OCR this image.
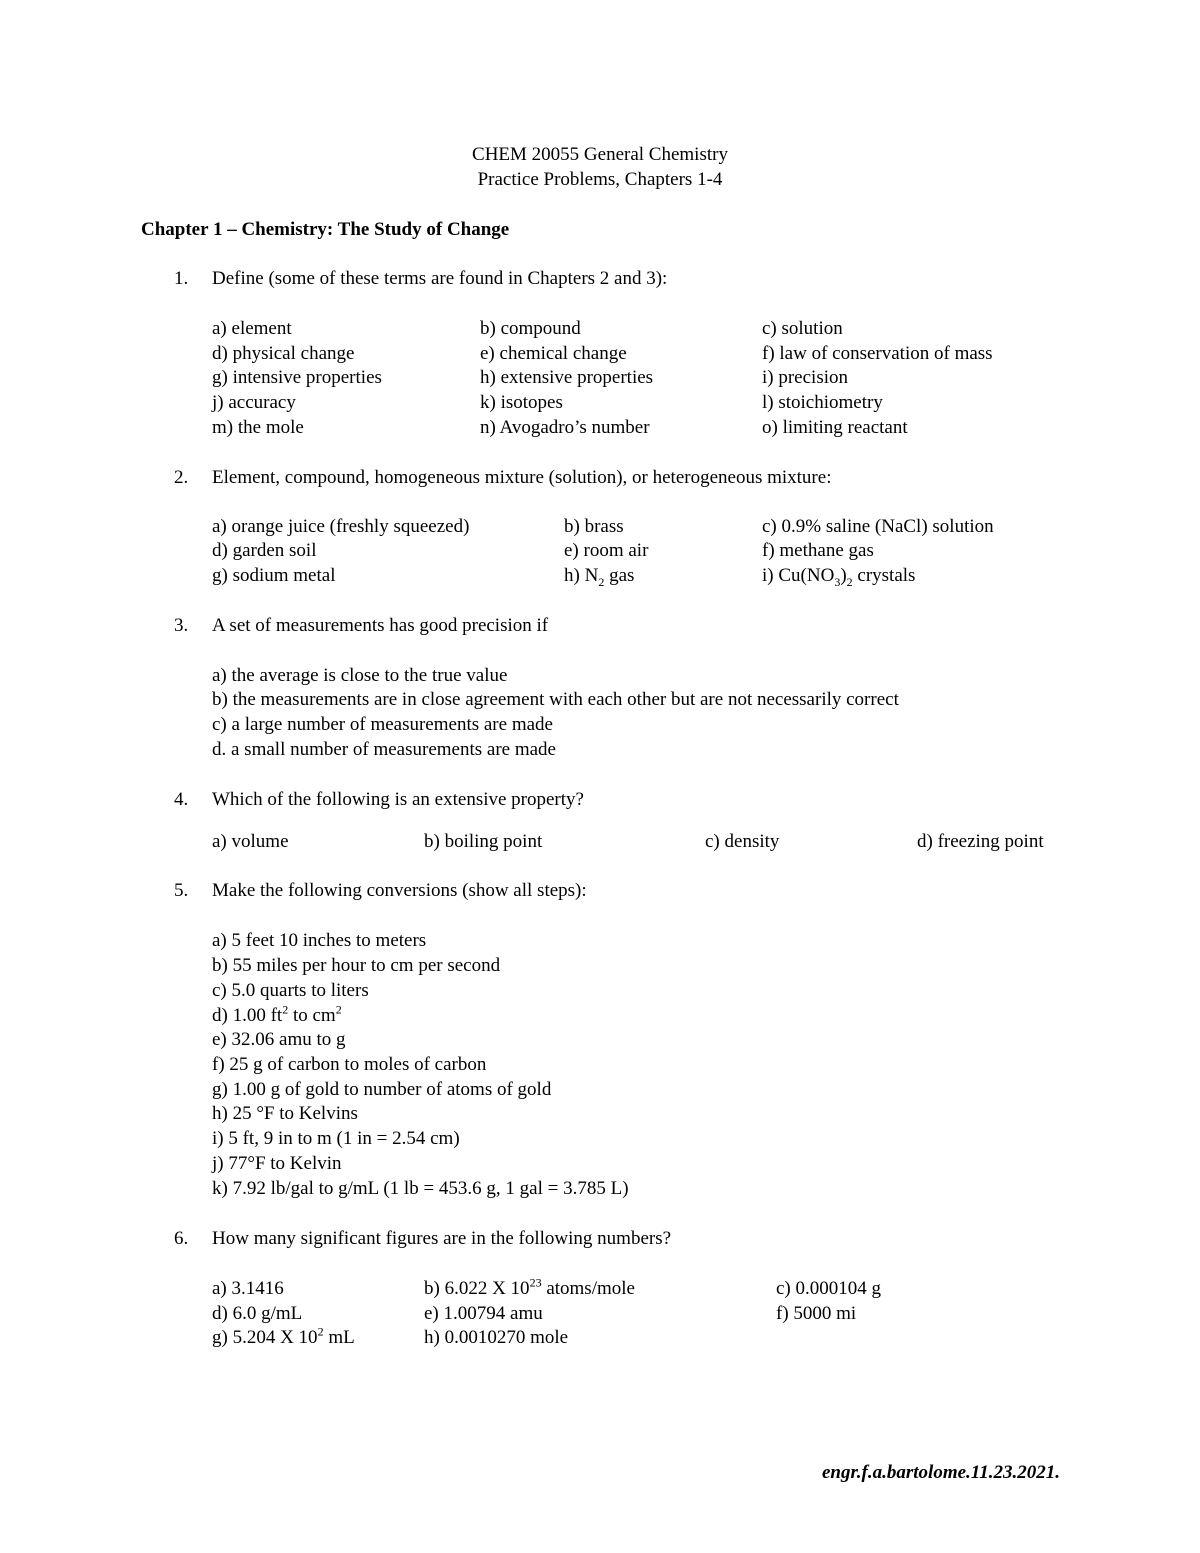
CHEM 20055 General Chemistry
Practice Problems, Chapters 1-4
Chapter 1 – Chemistry: The Study of Change
1. Define (some of these terms are found in Chapters 2 and 3):
a) element	b) compound	c) solution
d) physical change	e) chemical change	f) law of conservation of mass
g) intensive properties	h) extensive properties	i) precision
j) accuracy	k) isotopes	l) stoichiometry
m) the mole	n) Avogadro’s number	o) limiting reactant
2. Element, compound, homogeneous mixture (solution), or heterogeneous mixture:
a) orange juice (freshly squeezed)	b) brass	c) 0.9% saline (NaCl) solution
d) garden soil	e) room air	f) methane gas
g) sodium metal	h) $N_2$ gas	i) $Cu(NO_3)_2$ crystals
3. A set of measurements has good precision if
a) the average is close to the true value
b) the measurements are in close agreement with each other but are not necessarily correct
c) a large number of measurements are made
d. a small number of measurements are made
4. Which of the following is an extensive property?
a) volume	b) boiling point	c) density	d) freezing point
5. Make the following conversions (show all steps):
a) 5 feet 10 inches to meters
b) 55 miles per hour to cm per second
c) 5.0 quarts to liters
d) 1.00 $ft^2$ to $cm^2$
e) 32.06 amu to g
f) 25 g of carbon to moles of carbon
g) 1.00 g of gold to number of atoms of gold
h) 25 °F to Kelvins
i) 5 ft, 9 in to m (1 in = 2.54 cm)
j) 77°F to Kelvin
k) 7.92 lb/gal to g/mL (1 lb = 453.6 g, 1 gal = 3.785 L)
6. How many significant figures are in the following numbers?
a) 3.1416	b) 6.022 X $10^{23}$ atoms/mole	c) 0.000104 g
d) 6.0 g/mL	e) 1.00794 amu	f) 5000 mi
g) 5.204 X $10^2$ mL	h) 0.0010270 mole
engr.f.a.bartolome.11.23.2021.
